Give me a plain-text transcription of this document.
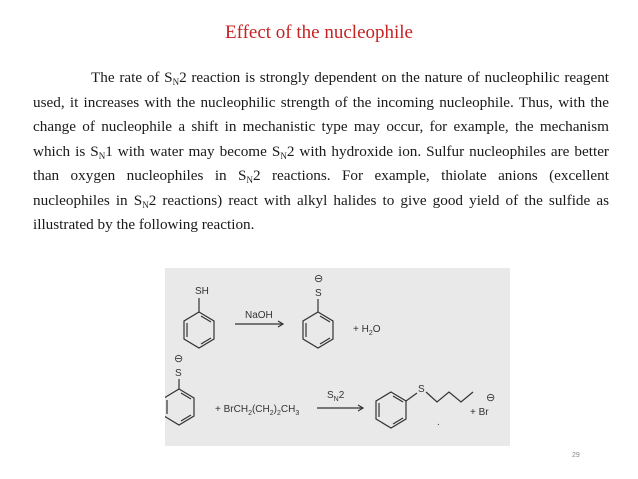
Effect of the nucleophile

The rate of $S_N2$ reaction is strongly dependent on the nature of nucleophilic reagent used, it increases with the nucleophilic strength of the incoming nucleophile. Thus, with the change of nucleophile a shift in mechanistic type may occur, for example, the mechanism which is $S_N1$ with water may become $S_N2$ with hydroxide ion. Sulfur nucleophiles are better than oxygen nucleophiles in $S_N2$ reactions. For example, thiolate anions (excellent nucleophiles in $S_N2$ reactions) react with alkyl halides to give good yield of the sulfide as illustrated by the following reaction.

SH
NaOH
⊖
S
+ $H_2O$
⊖
S
+ $BrCH_2(CH_2)_2CH_3$
$S_N2$
S
.
⊖
+ Br
29
